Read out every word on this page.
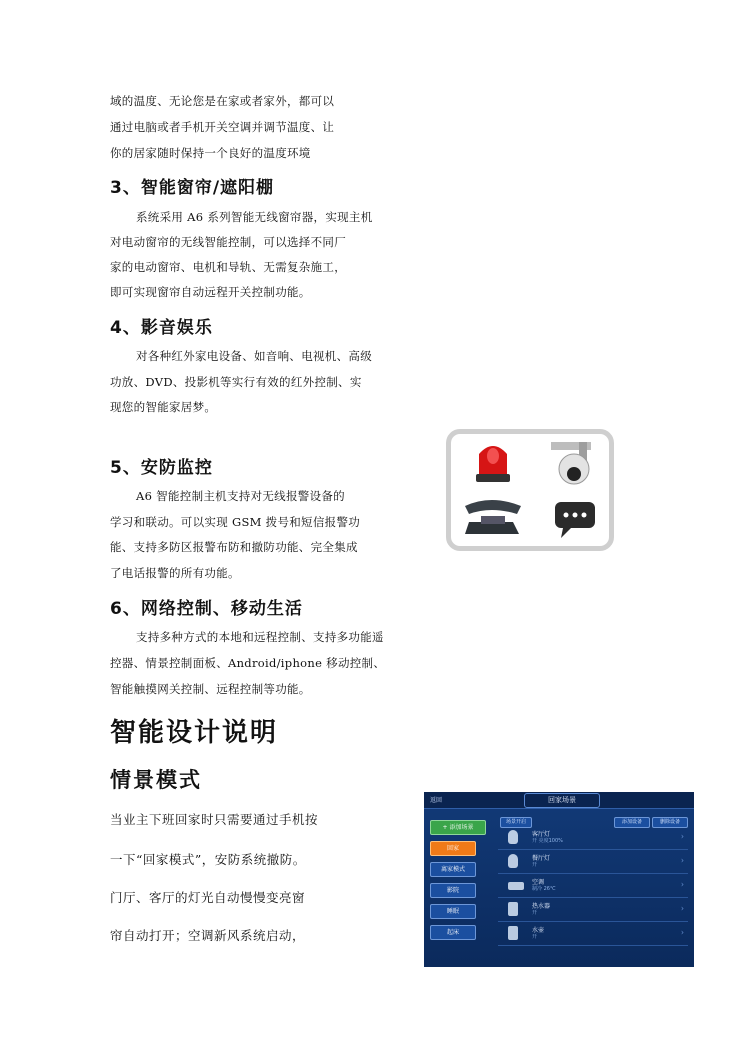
域的温度、无论您是在家或者家外，都可以
通过电脑或者手机开关空调并调节温度、让
你的居家随时保持一个良好的温度环境
3、智能窗帘/遮阳棚
系统采用 A6 系列智能无线窗帘器，实现主机
对电动窗帘的无线智能控制，可以选择不同厂
家的电动窗帘、电机和导轨、无需复杂施工，
即可实现窗帘自动远程开关控制功能。
4、影音娱乐
对各种红外家电设备、如音响、电视机、高级
功放、DVD、投影机等实行有效的红外控制、实
现您的智能家居梦。
5、安防监控
A6 智能控制主机支持对无线报警设备的
学习和联动。可以实现 GSM 拨号和短信报警功
能、支持多防区报警布防和撤防功能、完全集成
了电话报警的所有功能。
6、网络控制、移动生活
支持多种方式的本地和远程控制、支持多功能遥
控器、情景控制面板、Android/iphone 移动控制、
智能触摸网关控制、远程控制等功能。
智能设计说明
情景模式
当业主下班回家时只需要通过手机按
一下“回家模式”，安防系统撤防。
门厅、客厅的灯光自动慢慢变亮窗
帘自动打开；空调新风系统启动，
返回	回家场景
场景开启	添加设备	删除设备
+ 添加场景
回家
离家模式
影院
睡眠
起床
客厅灯
开 亮度100%	›
餐厅灯
开	›
空调
制冷 26℃	›
热水器
开	›
水壶
开	›
